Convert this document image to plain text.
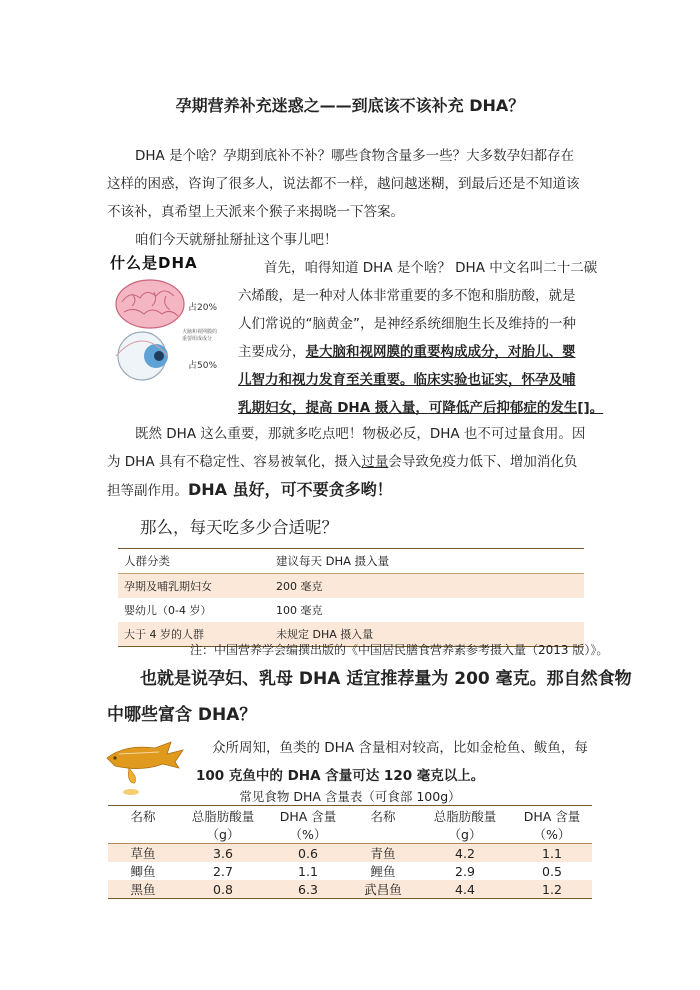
孕期营养补充迷惑之——到底该不该补充 DHA？
DHA 是个啥？孕期到底补不补？哪些食物含量多一些？大多数孕妇都存在
这样的困惑，咨询了很多人，说法都不一样，越问越迷糊，到最后还是不知道该
不该补，真希望上天派来个猴子来揭晓一下答案。
咱们今天就掰扯掰扯这个事儿吧！
什么是DHA
占20%
大脑和视网膜的
重要组成成分
占50%
首先，咱得知道 DHA 是个啥？ DHA 中文名叫二十二碳
六烯酸，是一种对人体非常重要的多不饱和脂肪酸，就是
人们常说的“脑黄金”，是神经系统细胞生长及维持的一种
主要成分，是大脑和视网膜的重要构成成分，对胎儿、婴
儿智力和视力发育至关重要。临床实验也证实，怀孕及哺
乳期妇女，提高 DHA 摄入量，可降低产后抑郁症的发生[]。
既然 DHA 这么重要，那就多吃点吧！物极必反，DHA 也不可过量食用。因
为 DHA 具有不稳定性、容易被氧化，摄入过量会导致免疫力低下、增加消化负
担等副作用。DHA 虽好，可不要贪多哟！
那么，每天吃多少合适呢？
人群分类	建议每天 DHA 摄入量
孕期及哺乳期妇女	200 毫克
婴幼儿（0-4 岁）	100 毫克
大于 4 岁的人群	未规定 DHA 摄入量
注：中国营养学会编撰出版的《中国居民膳食营养素参考摄入量（2013 版）》。
也就是说孕妇、乳母 DHA 适宜推荐量为 200 毫克。那自然食物
中哪些富含 DHA？
众所周知，鱼类的 DHA 含量相对较高，比如金枪鱼、鲅鱼，每
100 克鱼中的 DHA 含量可达 120 毫克以上。
常见食物 DHA 含量表（可食部 100g）
名称	总脂肪酸量	DHA 含量	名称	总脂肪酸量	DHA 含量
	（g）	（%）		（g）	（%）
草鱼	3.6	0.6	青鱼	4.2	1.1
鲫鱼	2.7	1.1	鲤鱼	2.9	0.5
黑鱼	0.8	6.3	武昌鱼	4.4	1.2
